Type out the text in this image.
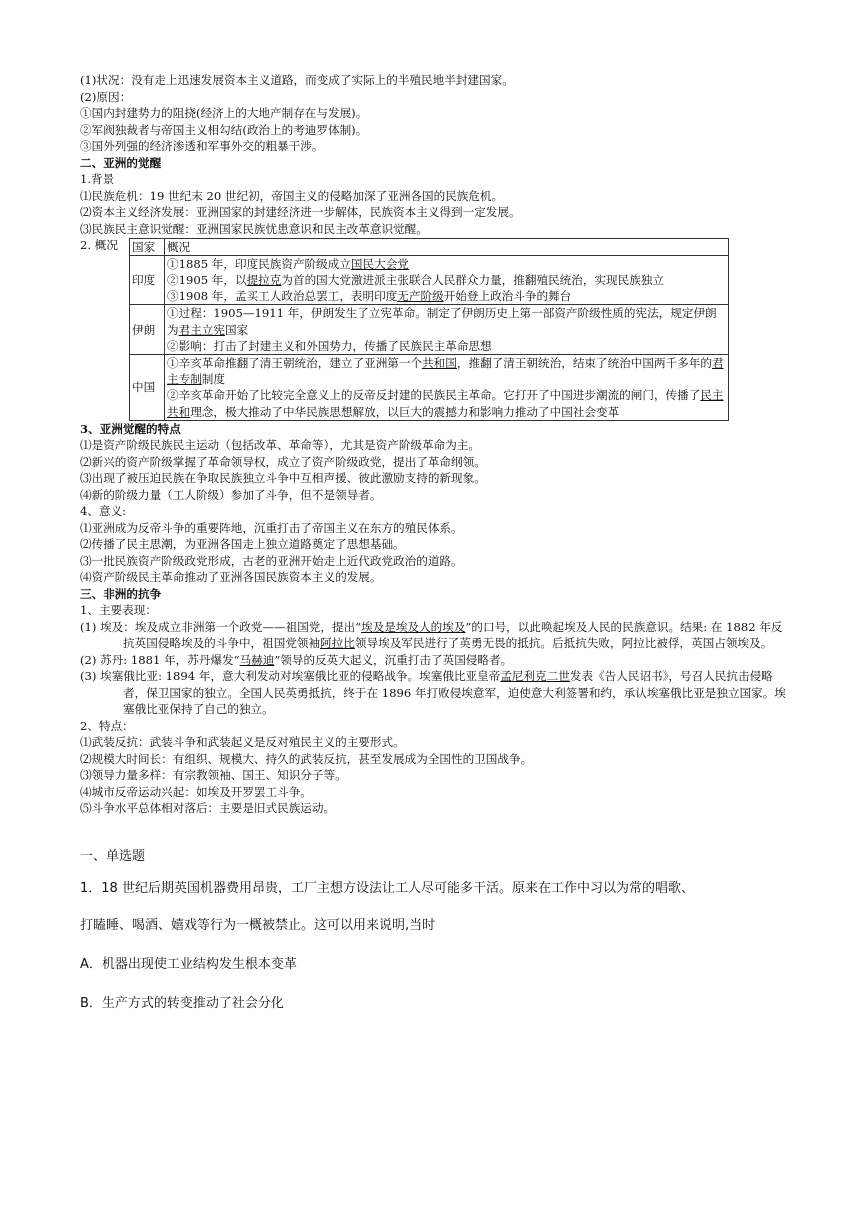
(1)状况：没有走上迅速发展资本主义道路，而变成了实际上的半殖民地半封建国家。
(2)原因：
①国内封建势力的阻挠(经济上的大地产制存在与发展)。
②军阀独裁者与帝国主义相勾结(政治上的考迪罗体制)。
③国外列强的经济渗透和军事外交的粗暴干涉。
二、亚洲的觉醒
1.背景
⑴民族危机：19 世纪末 20 世纪初，帝国主义的侵略加深了亚洲各国的民族危机。
⑵资本主义经济发展：亚洲国家的封建经济进一步解体，民族资本主义得到一定发展。
⑶民族民主意识觉醒：亚洲国家民族忧患意识和民主改革意识觉醒。
2. 概况	国家	概况
印度	①1885 年，印度民族资产阶级成立国民大会党
②1905 年，以提拉克为首的国大党激进派主张联合人民群众力量，推翻殖民统治，实现民族独立
③1908 年，孟买工人政治总罢工，表明印度无产阶级开始登上政治斗争的舞台

伊朗	①过程：1905—1911 年，伊朗发生了立宪革命。制定了伊朗历史上第一部资产阶级性质的宪法，规定伊朗为君主立宪国家
②影响：打击了封建主义和外国势力，传播了民族民主革命思想

中国	①辛亥革命推翻了清王朝统治，建立了亚洲第一个共和国，推翻了清王朝统治，结束了统治中国两千多年的君主专制制度
②辛亥革命开始了比较完全意义上的反帝反封建的民族民主革命。它打开了中国进步潮流的闸门，传播了民主共和理念，极大推动了中华民族思想解放，以巨大的震撼力和影响力推动了中国社会变革
3、亚洲觉醒的特点
⑴是资产阶级民族民主运动（包括改革、革命等），尤其是资产阶级革命为主。
⑵新兴的资产阶级掌握了革命领导权，成立了资产阶级政党，提出了革命纲领。
⑶出现了被压迫民族在争取民族独立斗争中互相声援、彼此激励支持的新现象。
⑷新的阶级力量（工人阶级）参加了斗争，但不是领导者。
4、意义:
⑴亚洲成为反帝斗争的重要阵地，沉重打击了帝国主义在东方的殖民体系。
⑵传播了民主思潮，为亚洲各国走上独立道路奠定了思想基础。
⑶一批民族资产阶级政党形成，古老的亚洲开始走上近代政党政治的道路。
⑷资产阶级民主革命推动了亚洲各国民族资本主义的发展。
三、非洲的抗争
1、主要表现：
(1) 埃及：埃及成立非洲第一个政党——祖国党，提出“埃及是埃及人的埃及”的口号，以此唤起埃及人民的民族意识。结果: 在 1882 年反抗英国侵略埃及的斗争中，祖国党领袖阿拉比领导埃及军民进行了英勇无畏的抵抗。后抵抗失败，阿拉比被俘，英国占领埃及。
(2) 苏丹: 1881 年，苏丹爆发“马赫迪”领导的反英大起义，沉重打击了英国侵略者。
(3) 埃塞俄比亚: 1894 年，意大利发动对埃塞俄比亚的侵略战争。埃塞俄比亚皇帝孟尼利克二世发表《告人民诏书》，号召人民抗击侵略者，保卫国家的独立。全国人民英勇抵抗，终于在 1896 年打败侵埃意军，迫使意大利签署和约，承认埃塞俄比亚是独立国家。埃塞俄比亚保持了自己的独立。
2、特点：
⑴武装反抗：武装斗争和武装起义是反对殖民主义的主要形式。
⑵规模大时间长：有组织、规模大、持久的武装反抗，甚至发展成为全国性的卫国战争。
⑶领导力量多样：有宗教领袖、国王、知识分子等。
⑷城市反帝运动兴起：如埃及开罗罢工斗争。
⑸斗争水平总体相对落后：主要是旧式民族运动。
一、单选题
1．18 世纪后期英国机器费用昂贵，工厂主想方设法让工人尽可能多干活。原来在工作中习以为常的唱歌、
打瞌睡、喝酒、嬉戏等行为一概被禁止。这可以用来说明,当时
A．机器出现使工业结构发生根本变革
B．生产方式的转变推动了社会分化
